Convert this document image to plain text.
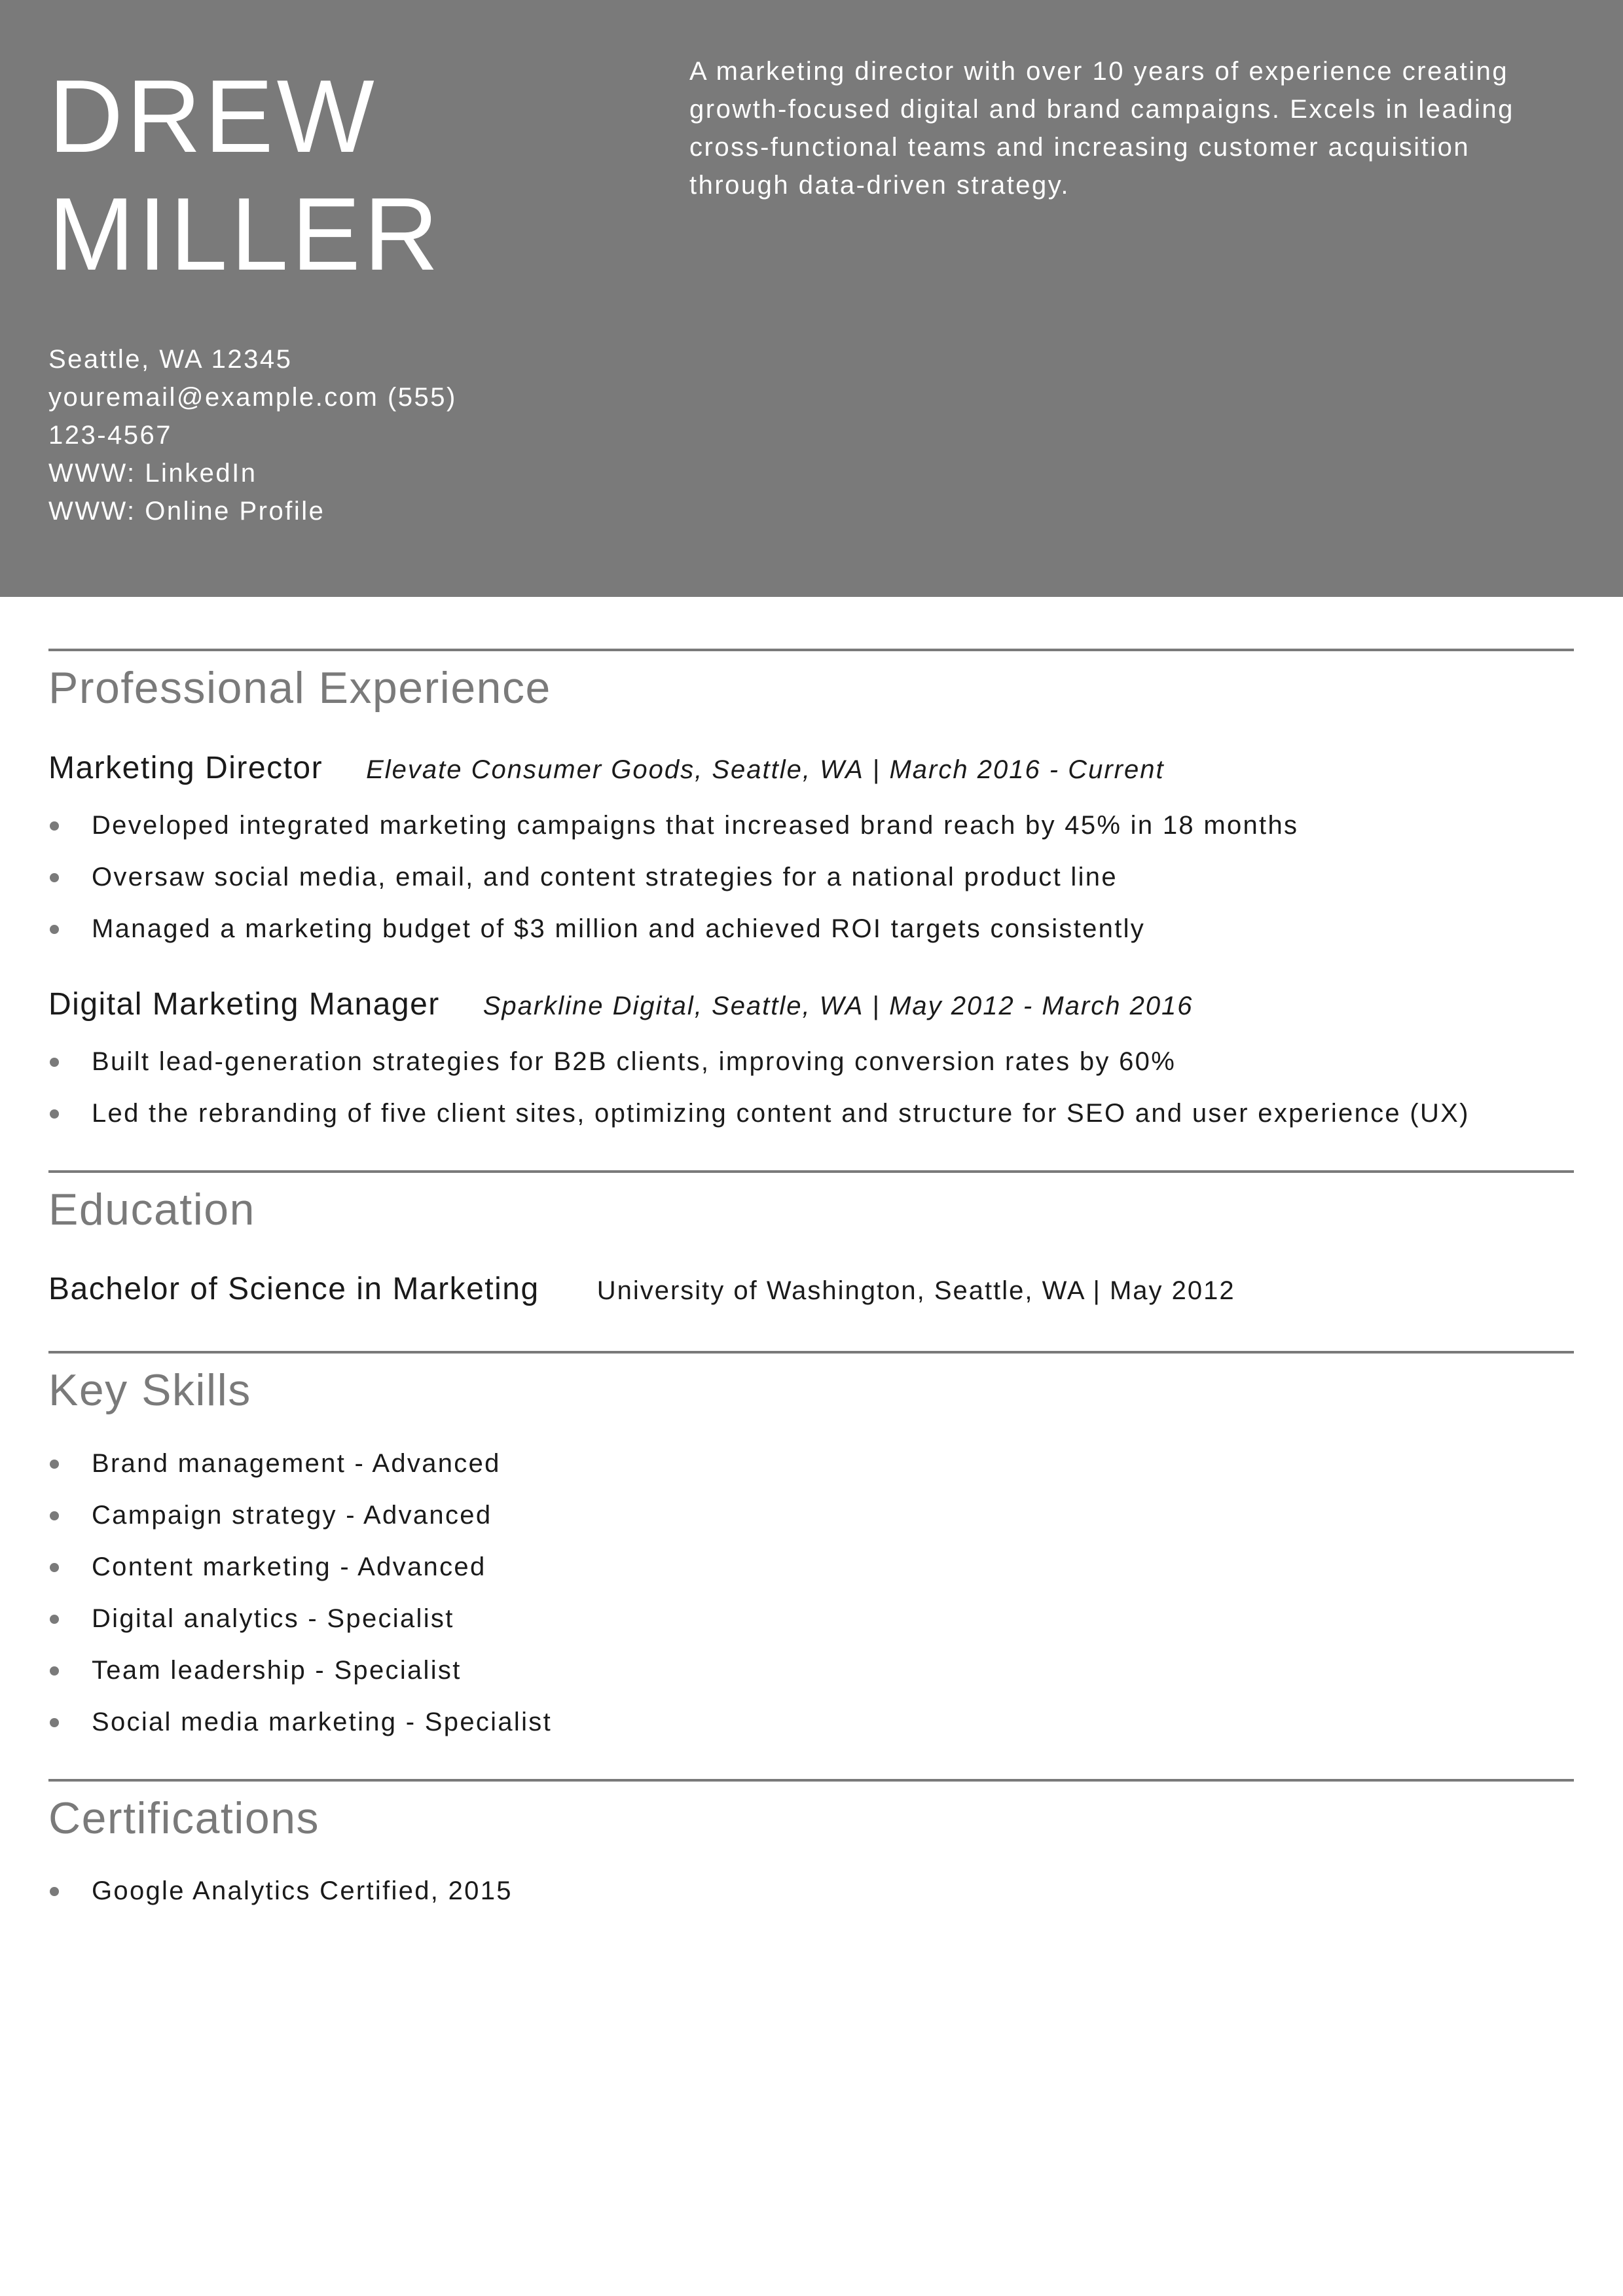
DREW
MILLER
A marketing director with over 10 years of experience creating growth-focused digital and brand campaigns. Excels in leading cross-functional teams and increasing customer acquisition through data-driven strategy.
Seattle, WA 12345
youremail@example.com (555)
123-4567
WWW: LinkedIn
WWW: Online Profile
Professional Experience
Marketing Director Elevate Consumer Goods, Seattle, WA | March 2016 - Current
Developed integrated marketing campaigns that increased brand reach by 45% in 18 months
Oversaw social media, email, and content strategies for a national product line
Managed a marketing budget of $3 million and achieved ROI targets consistently
Digital Marketing Manager Sparkline Digital, Seattle, WA | May 2012 - March 2016
Built lead-generation strategies for B2B clients, improving conversion rates by 60%
Led the rebranding of five client sites, optimizing content and structure for SEO and user experience (UX)
Education
Bachelor of Science in Marketing University of Washington, Seattle, WA | May 2012
Key Skills
Brand management - Advanced
Campaign strategy - Advanced
Content marketing - Advanced
Digital analytics - Specialist
Team leadership - Specialist
Social media marketing - Specialist
Certifications
Google Analytics Certified, 2015
